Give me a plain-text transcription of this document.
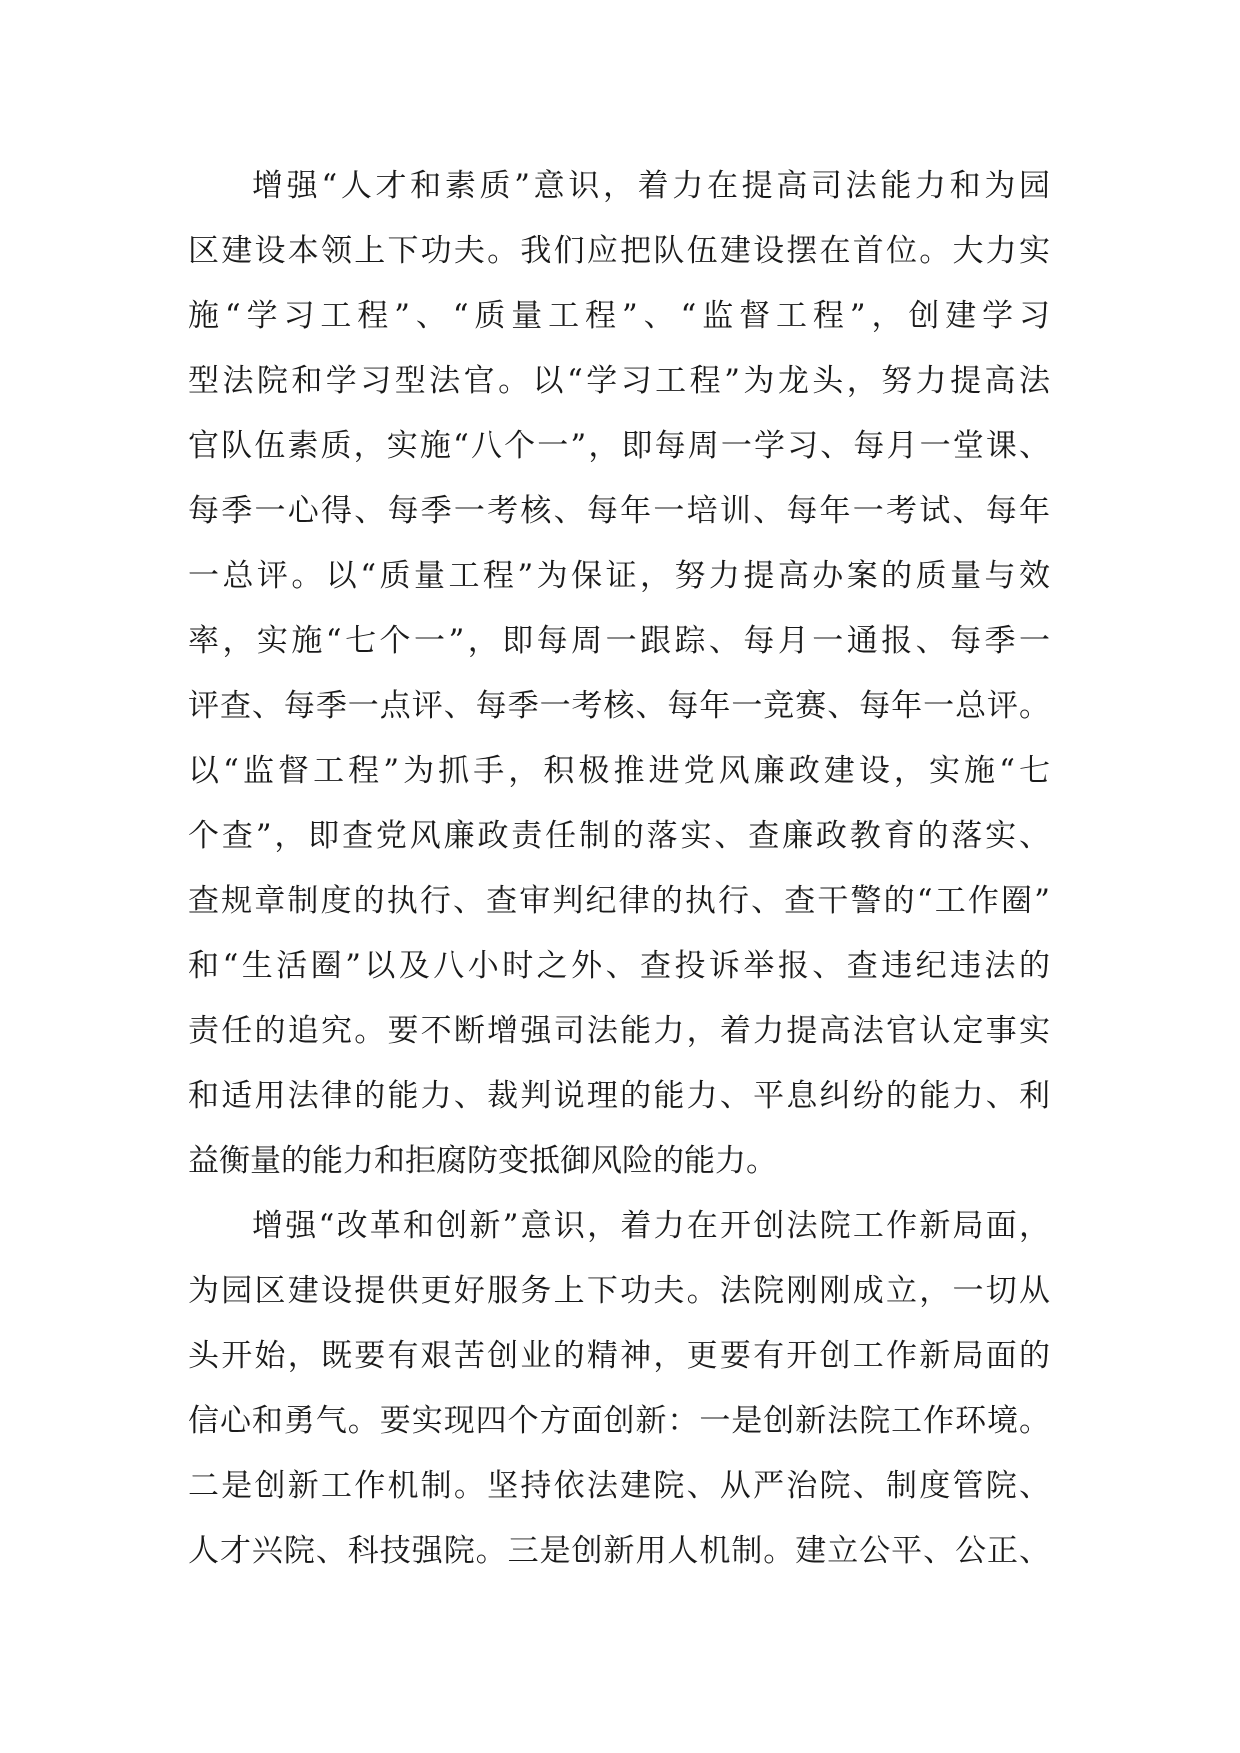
增强“人才和素质”意识，着力在提高司法能力和为园
区建设本领上下功夫。我们应把队伍建设摆在首位。大力实
施“学习工程”、“质量工程”、“监督工程”，创建学习
型法院和学习型法官。以“学习工程”为龙头，努力提高法
官队伍素质，实施“八个一”，即每周一学习、每月一堂课、
每季一心得、每季一考核、每年一培训、每年一考试、每年
一总评。以“质量工程”为保证，努力提高办案的质量与效
率，实施“七个一”，即每周一跟踪、每月一通报、每季一
评查、每季一点评、每季一考核、每年一竞赛、每年一总评。
以“监督工程”为抓手，积极推进党风廉政建设，实施“七
个查”，即查党风廉政责任制的落实、查廉政教育的落实、
查规章制度的执行、查审判纪律的执行、查干警的“工作圈”
和“生活圈”以及八小时之外、查投诉举报、查违纪违法的
责任的追究。要不断增强司法能力，着力提高法官认定事实
和适用法律的能力、裁判说理的能力、平息纠纷的能力、利
益衡量的能力和拒腐防变抵御风险的能力。
增强“改革和创新”意识，着力在开创法院工作新局面，
为园区建设提供更好服务上下功夫。法院刚刚成立，一切从
头开始，既要有艰苦创业的精神，更要有开创工作新局面的
信心和勇气。要实现四个方面创新：一是创新法院工作环境。
二是创新工作机制。坚持依法建院、从严治院、制度管院、
人才兴院、科技强院。三是创新用人机制。建立公平、公正、
